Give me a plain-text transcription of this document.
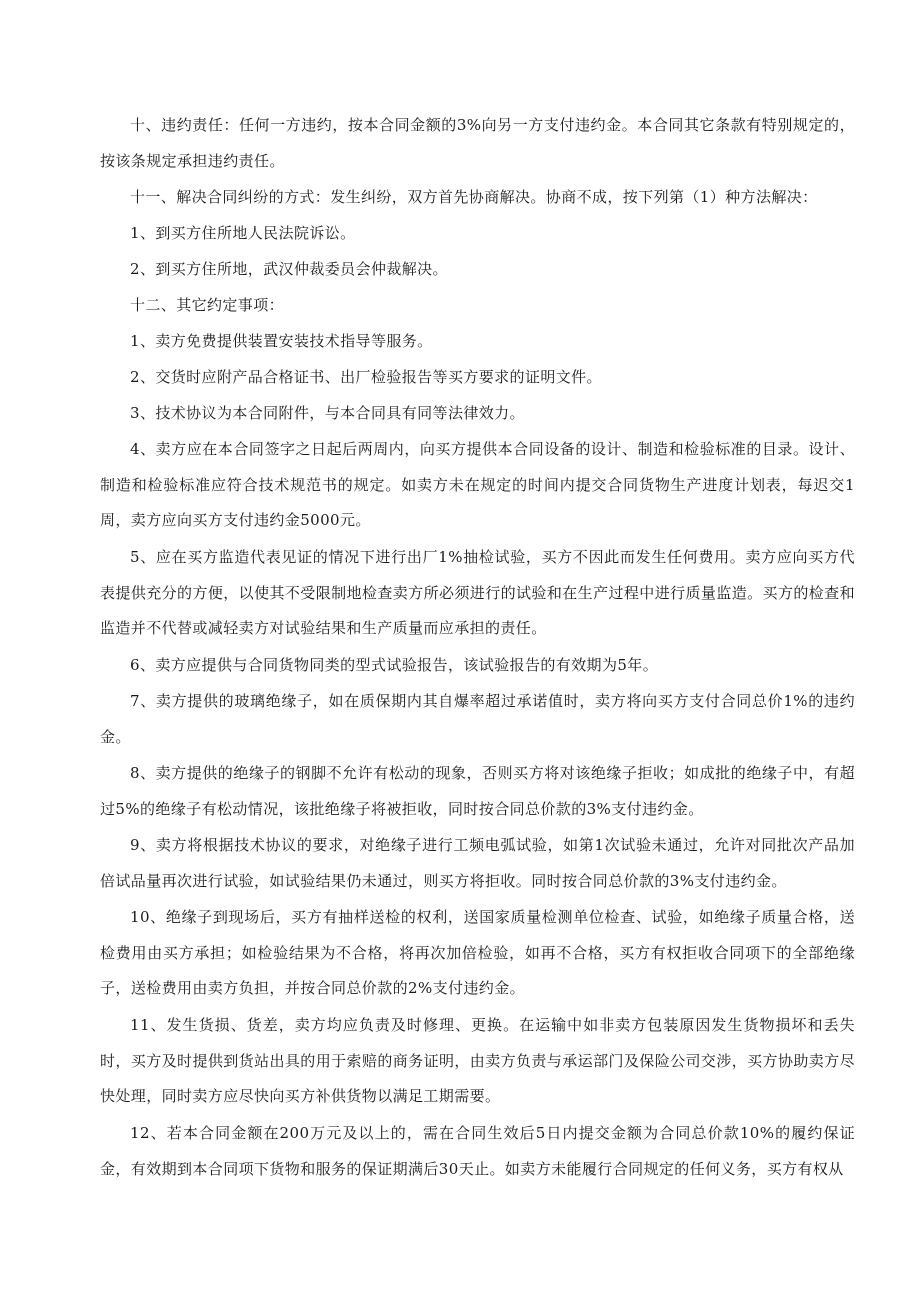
十、违约责任：任何一方违约，按本合同金额的3%向另一方支付违约金。本合同其它条款有特别规定的，按该条规定承担违约责任。

十一、解决合同纠纷的方式：发生纠纷，双方首先协商解决。协商不成，按下列第（1）种方法解决：

1、到买方住所地人民法院诉讼。

2、到买方住所地，武汉仲裁委员会仲裁解决。

十二、其它约定事项：

1、卖方免费提供装置安装技术指导等服务。

2、交货时应附产品合格证书、出厂检验报告等买方要求的证明文件。

3、技术协议为本合同附件，与本合同具有同等法律效力。

4、卖方应在本合同签字之日起后两周内，向买方提供本合同设备的设计、制造和检验标准的目录。设计、制造和检验标准应符合技术规范书的规定。如卖方未在规定的时间内提交合同货物生产进度计划表，每迟交1周，卖方应向买方支付违约金5000元。

5、应在买方监造代表见证的情况下进行出厂1%抽检试验，买方不因此而发生任何费用。卖方应向买方代表提供充分的方便，以使其不受限制地检查卖方所必须进行的试验和在生产过程中进行质量监造。买方的检查和监造并不代替或减轻卖方对试验结果和生产质量而应承担的责任。

6、卖方应提供与合同货物同类的型式试验报告，该试验报告的有效期为5年。

7、卖方提供的玻璃绝缘子，如在质保期内其自爆率超过承诺值时，卖方将向买方支付合同总价1%的违约金。

8、卖方提供的绝缘子的钢脚不允许有松动的现象，否则买方将对该绝缘子拒收；如成批的绝缘子中，有超过5%的绝缘子有松动情况，该批绝缘子将被拒收，同时按合同总价款的3%支付违约金。

9、卖方将根据技术协议的要求，对绝缘子进行工频电弧试验，如第1次试验未通过，允许对同批次产品加倍试品量再次进行试验，如试验结果仍未通过，则买方将拒收。同时按合同总价款的3%支付违约金。

10、绝缘子到现场后，买方有抽样送检的权利，送国家质量检测单位检查、试验，如绝缘子质量合格，送检费用由买方承担；如检验结果为不合格，将再次加倍检验，如再不合格，买方有权拒收合同项下的全部绝缘子，送检费用由卖方负担，并按合同总价款的2%支付违约金。

11、发生货损、货差，卖方均应负责及时修理、更换。在运输中如非卖方包装原因发生货物损坏和丢失时，买方及时提供到货站出具的用于索赔的商务证明，由卖方负责与承运部门及保险公司交涉，买方协助卖方尽快处理，同时卖方应尽快向买方补供货物以满足工期需要。

12、若本合同金额在200万元及以上的，需在合同生效后5日内提交金额为合同总价款10%的履约保证金，有效期到本合同项下货物和服务的保证期满后30天止。如卖方未能履行合同规定的任何义务，买方有权从
